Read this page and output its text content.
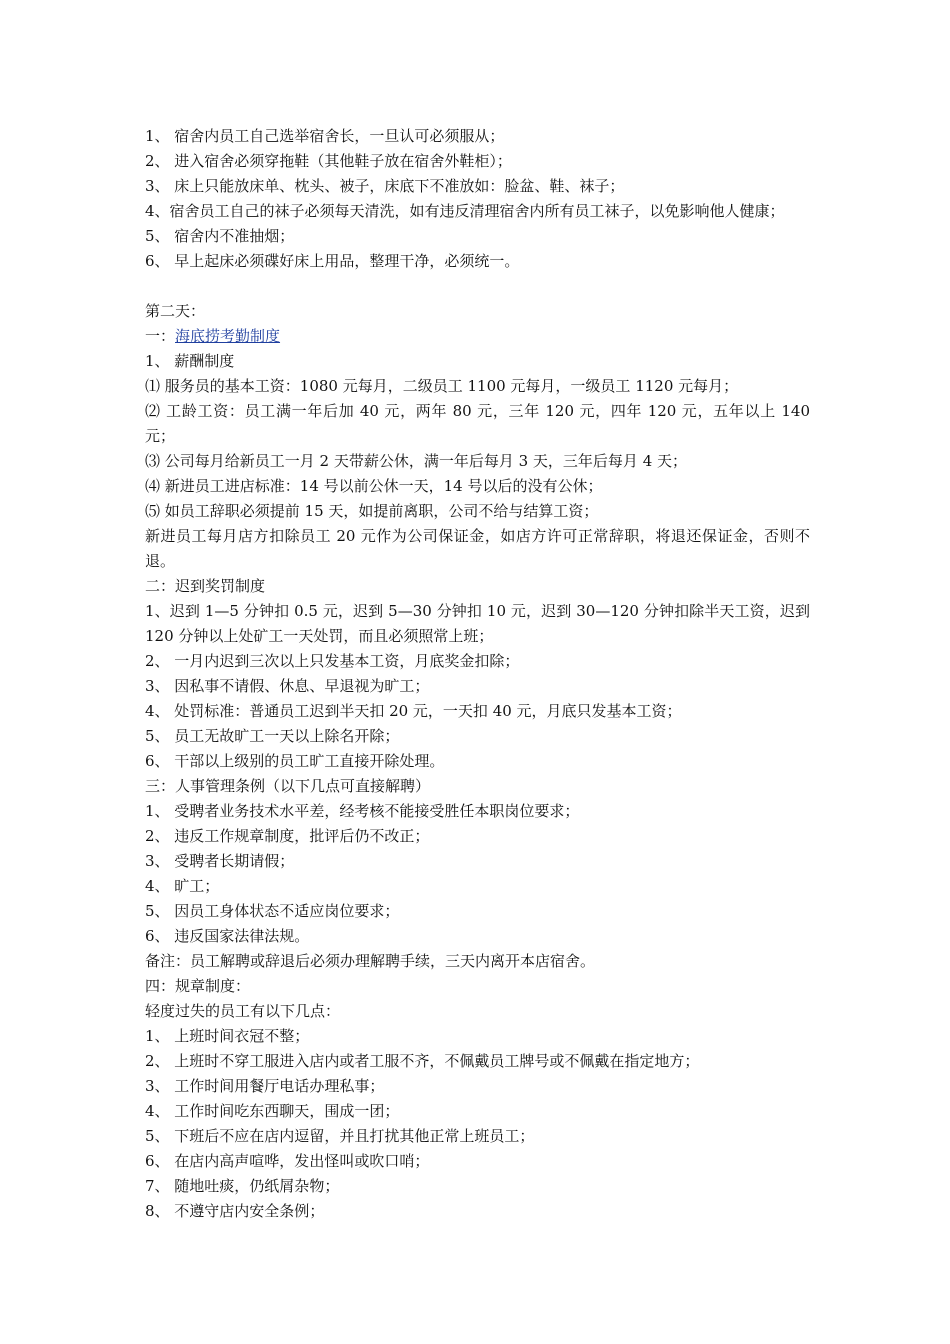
1、 宿舍内员工自己选举宿舍长，一旦认可必须服从；

2、 进入宿舍必须穿拖鞋（其他鞋子放在宿舍外鞋柜）；

3、 床上只能放床单、枕头、被子，床底下不准放如：脸盆、鞋、袜子；

4、宿舍员工自己的袜子必须每天清洗，如有违反清理宿舍内所有员工袜子，以免影响他人健康；

5、 宿舍内不准抽烟；

6、 早上起床必须碟好床上用品，整理干净，必须统一。

第二天：

一：海底捞考勤制度

1、 薪酬制度

⑴ 服务员的基本工资：1080 元每月，二级员工 1100 元每月，一级员工 1120 元每月；

⑵ 工龄工资：员工满一年后加 40 元，两年 80 元，三年 120 元，四年 120 元，五年以上 140 元；

⑶ 公司每月给新员工一月 2 天带薪公休，满一年后每月 3 天，三年后每月 4 天；

⑷ 新进员工进店标准：14 号以前公休一天，14 号以后的没有公休；

⑸ 如员工辞职必须提前 15 天，如提前离职，公司不给与结算工资；

新进员工每月店方扣除员工 20 元作为公司保证金，如店方许可正常辞职，将退还保证金，否则不退。

二：迟到奖罚制度

1、迟到 1—5 分钟扣 0.5 元，迟到 5—30 分钟扣 10 元，迟到 30—120 分钟扣除半天工资，迟到 120 分钟以上处矿工一天处罚，而且必须照常上班；

2、 一月内迟到三次以上只发基本工资，月底奖金扣除；

3、 因私事不请假、休息、早退视为旷工；

4、 处罚标准：普通员工迟到半天扣 20 元，一天扣 40 元，月底只发基本工资；

5、 员工无故旷工一天以上除名开除；

6、 干部以上级别的员工旷工直接开除处理。

三：人事管理条例（以下几点可直接解聘）

1、 受聘者业务技术水平差，经考核不能接受胜任本职岗位要求；

2、 违反工作规章制度，批评后仍不改正；

3、 受聘者长期请假；

4、 旷工；

5、 因员工身体状态不适应岗位要求；

6、 违反国家法律法规。

备注：员工解聘或辞退后必须办理解聘手续，三天内离开本店宿舍。

四：规章制度：

轻度过失的员工有以下几点：

1、 上班时间衣冠不整；

2、 上班时不穿工服进入店内或者工服不齐，不佩戴员工牌号或不佩戴在指定地方；

3、 工作时间用餐厅电话办理私事；

4、 工作时间吃东西聊天，围成一团；

5、 下班后不应在店内逗留，并且打扰其他正常上班员工；

6、 在店内高声喧哗，发出怪叫或吹口哨；

7、 随地吐痰，仍纸屑杂物；

8、 不遵守店内安全条例；
